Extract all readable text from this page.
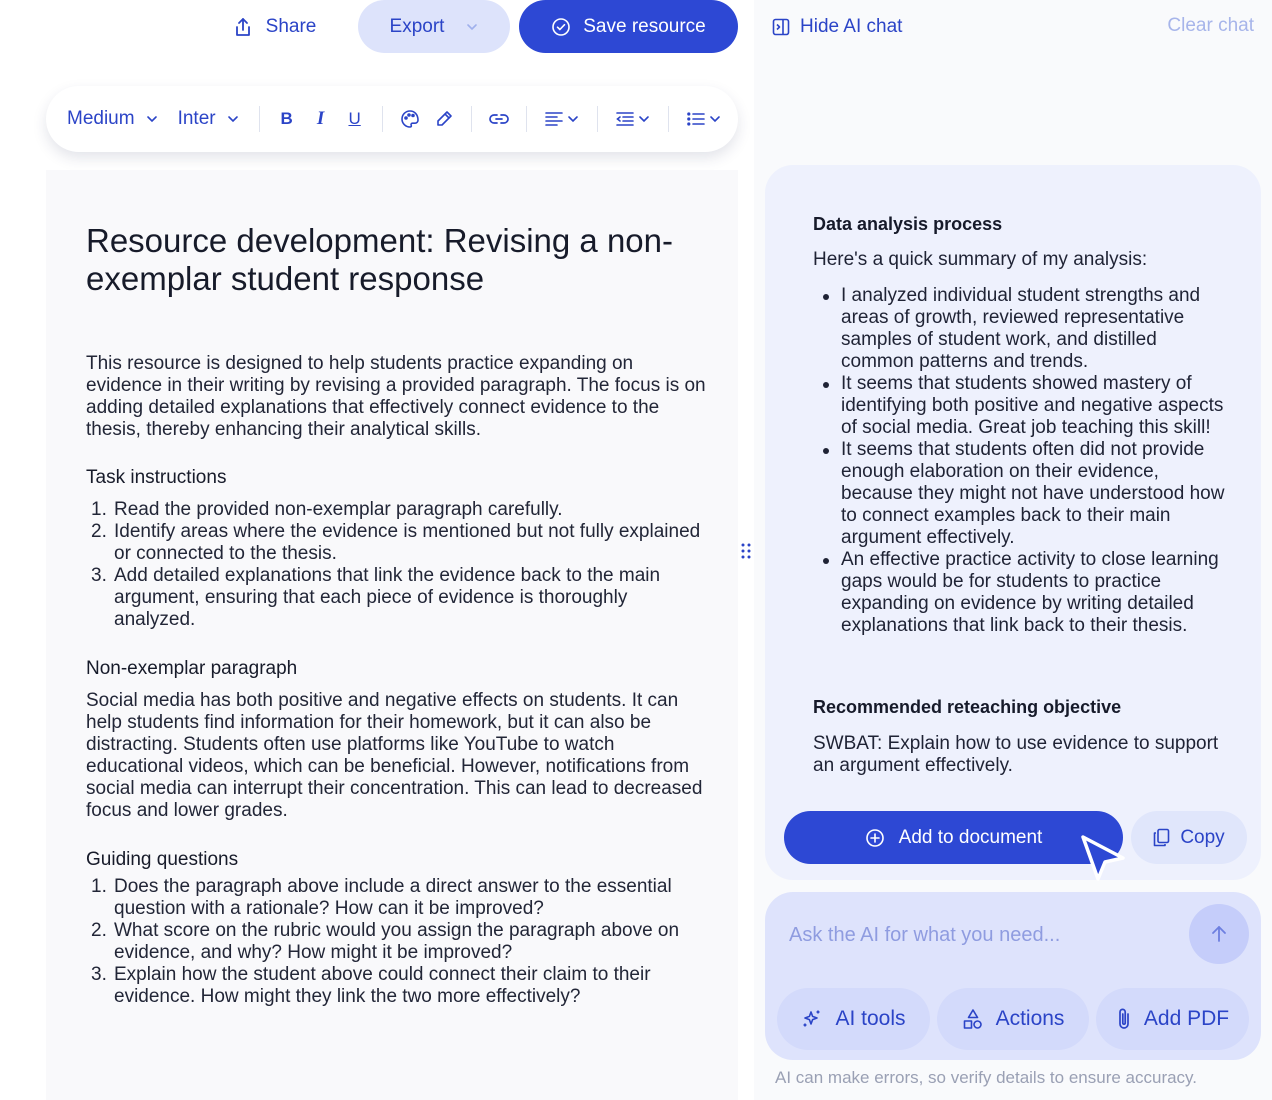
Share	Export	Save resource
Medium Inter	B	I	U
Resource development: Revising a non-exemplar student response

This resource is designed to help students practice expanding on evidence in their writing by revising a provided paragraph. The focus is on adding detailed explanations that effectively connect evidence to the thesis, thereby enhancing their analytical skills.

Task instructions
1. Read the provided non-exemplar paragraph carefully.
2. Identify areas where the evidence is mentioned but not fully explained or connected to the thesis.
3. Add detailed explanations that link the evidence back to the main argument, ensuring that each piece of evidence is thoroughly analyzed.
Non-exemplar paragraph

Social media has both positive and negative effects on students. It can help students find information for their homework, but it can also be distracting. Students often use platforms like YouTube to watch educational videos, which can be beneficial. However, notifications from social media can interrupt their concentration. This can lead to decreased focus and lower grades.

Guiding questions
1. Does the paragraph above include a direct answer to the essential question with a rationale? How can it be improved?
2. What score on the rubric would you assign the paragraph above on evidence, and why? How might it be improved?
3. Explain how the student above could connect their claim to their evidence. How might they link the two more effectively?
Hide AI chat	Clear chat
Data analysis process
Here's a quick summary of my analysis:
I analyzed individual student strengths and areas of growth, reviewed representative samples of student work, and distilled common patterns and trends.
It seems that students showed mastery of identifying both positive and negative aspects of social media. Great job teaching this skill!
It seems that students often did not provide enough elaboration on their evidence, because they might not have understood how to connect examples back to their main argument effectively.
An effective practice activity to close learning gaps would be for students to practice expanding on evidence by writing detailed explanations that link back to their thesis.
Recommended reteaching objective
SWBAT: Explain how to use evidence to support an argument effectively.
Add to document	Copy
Ask the AI for what you need...
AI tools	Actions	Add PDF
AI can make errors, so verify details to ensure accuracy.
